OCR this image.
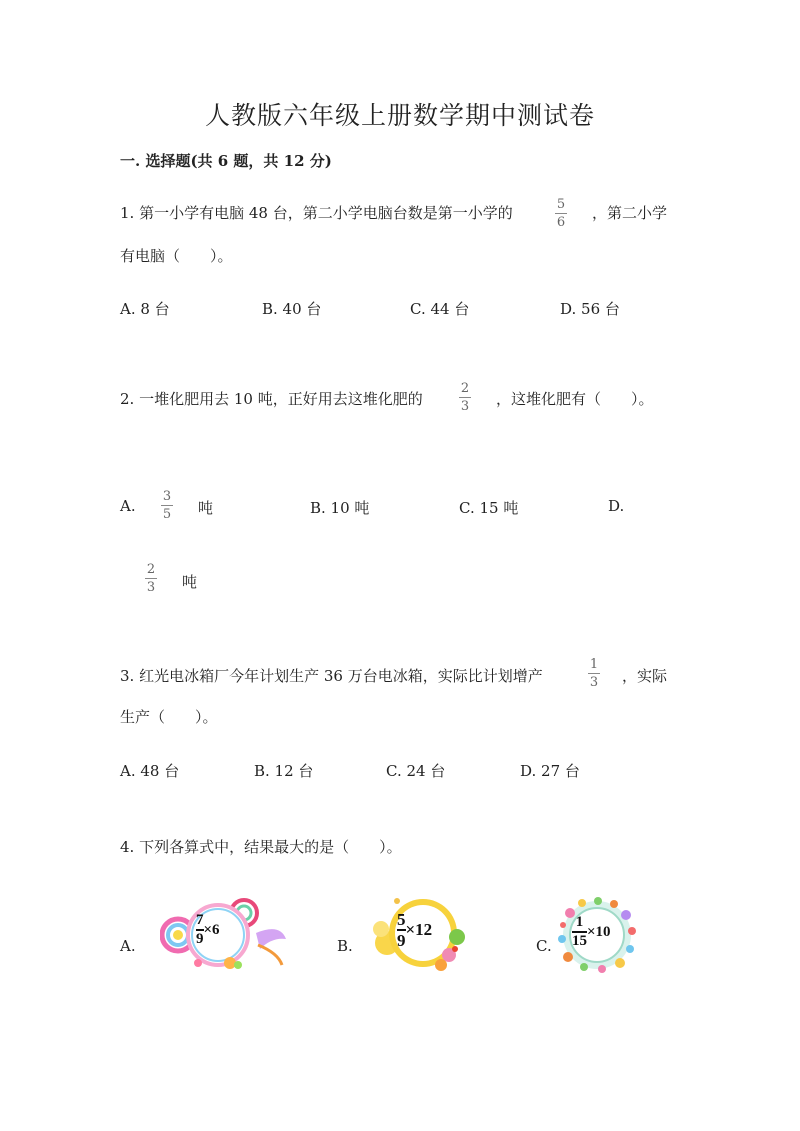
人教版六年级上册数学期中测试卷
一. 选择题(共 6 题，共 12 分)
1. 第一小学有电脑 48 台，第二小学电脑台数是第一小学的	5
6
，第二小学
有电脑（　　）。
A. 8 台	B. 40 台	C. 44 台	D. 56 台
2. 一堆化肥用去 10 吨，正好用去这堆化肥的
2
3 ，这堆化肥有（　　）。
A.
3
5 吨	B. 10 吨	C. 15 吨	D.
2
3 吨
3. 红光电冰箱厂今年计划生产 36 万台电冰箱，实际比计划增产
1
3 ，实际
生产（　　）。
A. 48 台	B. 12 台	C. 24 台	D. 27 台
4. 下列各算式中，结果最大的是（　　）。
A.
7
9
×6
B.
5
9
×12
C.
1
15
×10
